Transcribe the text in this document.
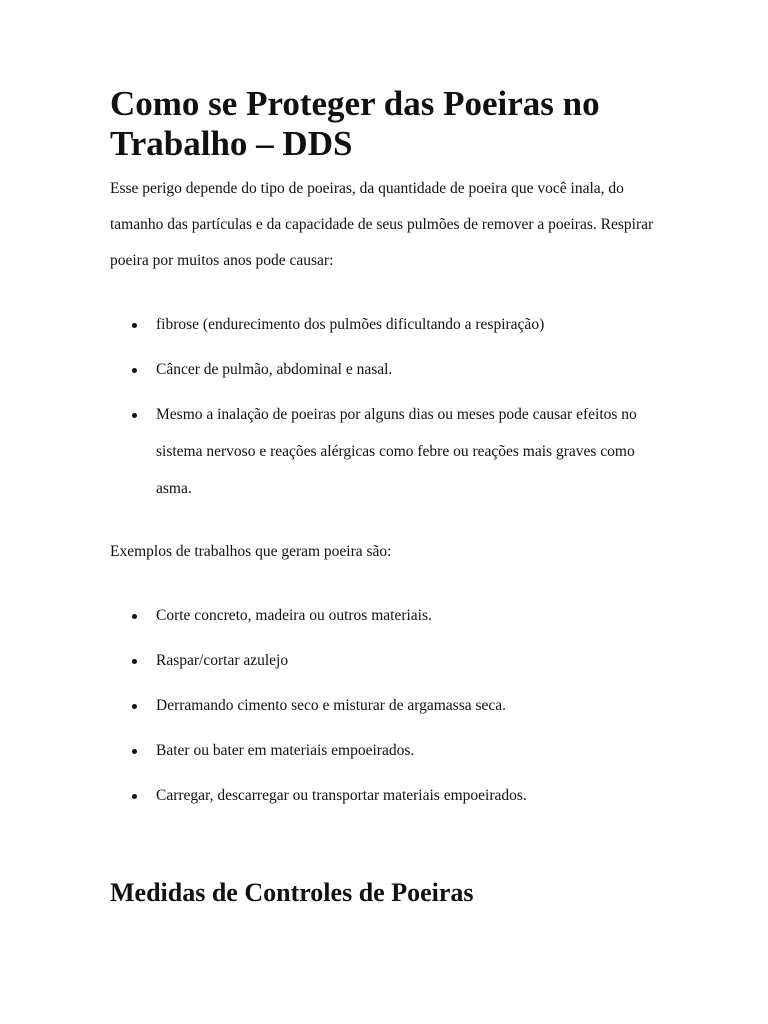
Como se Proteger das Poeiras no Trabalho – DDS

Esse perigo depende do tipo de poeiras, da quantidade de poeira que você inala, do tamanho das partículas e da capacidade de seus pulmões de remover a poeiras. Respirar poeira por muitos anos pode causar:

fibrose (endurecimento dos pulmões dificultando a respiração)
Câncer de pulmão, abdominal e nasal.
Mesmo a inalação de poeiras por alguns dias ou meses pode causar efeitos no sistema nervoso e reações alérgicas como febre ou reações mais graves como asma.

Exemplos de trabalhos que geram poeira são:

Corte concreto, madeira ou outros materiais.
Raspar/cortar azulejo
Derramando cimento seco e misturar de argamassa seca.
Bater ou bater em materiais empoeirados.
Carregar, descarregar ou transportar materiais empoeirados.
Medidas de Controles de Poeiras
